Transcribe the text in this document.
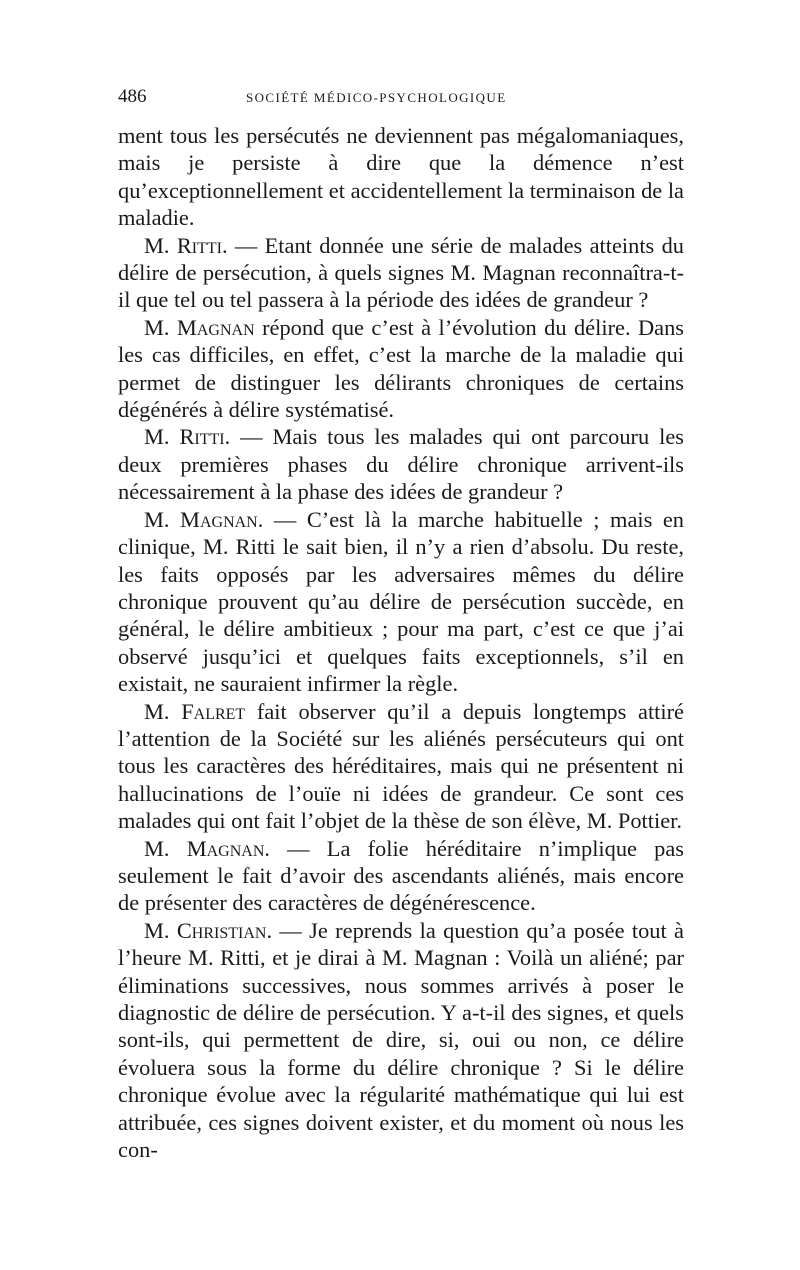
486	SOCIÉTÉ MÉDICO-PSYCHOLOGIQUE

ment tous les persécutés ne deviennent pas mégalomaniaques, mais je persiste à dire que la démence n’est qu’exceptionnellement et accidentellement la terminaison de la maladie.

M. Ritti. — Etant donnée une série de malades atteints du délire de persécution, à quels signes M. Magnan reconnaîtra-t-il que tel ou tel passera à la période des idées de grandeur ?

M. Magnan répond que c’est à l’évolution du délire. Dans les cas difficiles, en effet, c’est la marche de la maladie qui permet de distinguer les délirants chroniques de certains dégénérés à délire systématisé.

M. Ritti. — Mais tous les malades qui ont parcouru les deux premières phases du délire chronique arrivent-ils nécessairement à la phase des idées de grandeur ?

M. Magnan. — C’est là la marche habituelle ; mais en clinique, M. Ritti le sait bien, il n’y a rien d’absolu. Du reste, les faits opposés par les adversaires mêmes du délire chronique prouvent qu’au délire de persécution succède, en général, le délire ambitieux ; pour ma part, c’est ce que j’ai observé jusqu’ici et quelques faits exceptionnels, s’il en existait, ne sauraient infirmer la règle.

M. Falret fait observer qu’il a depuis longtemps attiré l’attention de la Société sur les aliénés persécuteurs qui ont tous les caractères des héréditaires, mais qui ne présentent ni hallucinations de l’ouïe ni idées de grandeur. Ce sont ces malades qui ont fait l’objet de la thèse de son élève, M. Pottier.

M. Magnan. — La folie héréditaire n’implique pas seulement le fait d’avoir des ascendants aliénés, mais encore de présenter des caractères de dégénérescence.

M. Christian. — Je reprends la question qu’a posée tout à l’heure M. Ritti, et je dirai à M. Magnan : Voilà un aliéné; par éliminations successives, nous sommes arrivés à poser le diagnostic de délire de persécution. Y a-t-il des signes, et quels sont-ils, qui permettent de dire, si, oui ou non, ce délire évoluera sous la forme du délire chronique ? Si le délire chronique évolue avec la régularité mathématique qui lui est attribuée, ces signes doivent exister, et du moment où nous les con-
